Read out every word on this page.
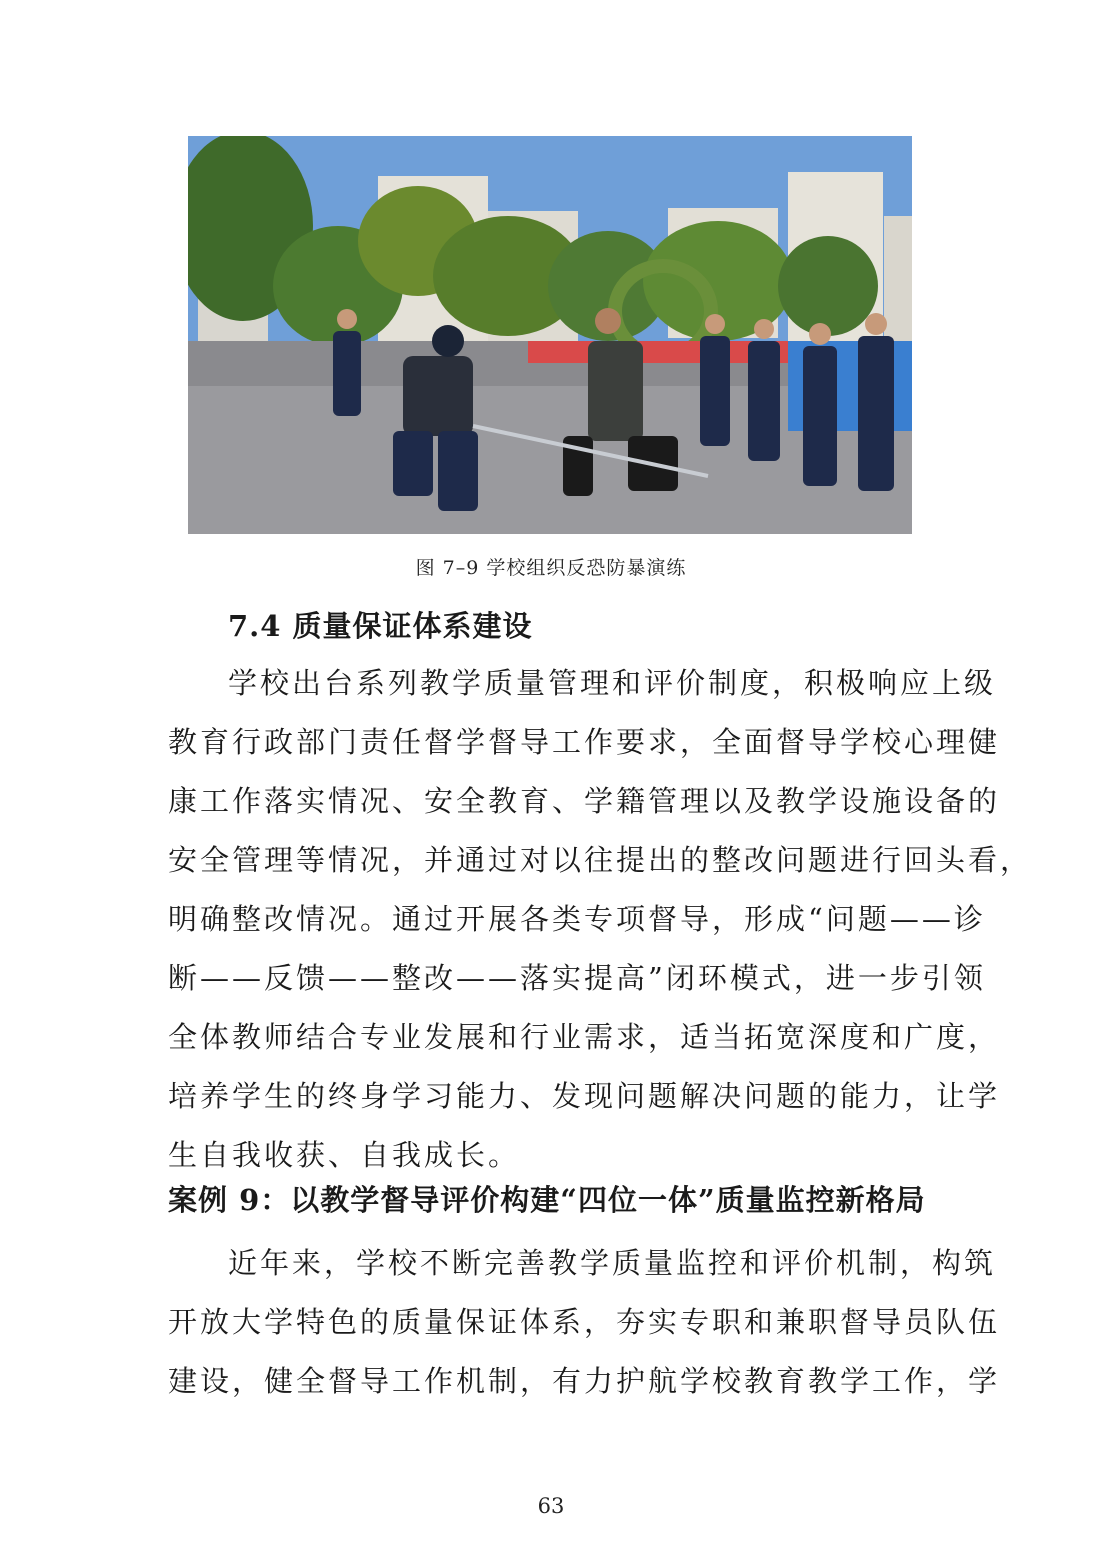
图 7–9 学校组织反恐防暴演练
7.4 质量保证体系建设
学校出台系列教学质量管理和评价制度，积极响应上级
教育行政部门责任督学督导工作要求，全面督导学校心理健
康工作落实情况、安全教育、学籍管理以及教学设施设备的
安全管理等情况，并通过对以往提出的整改问题进行回头看，
明确整改情况。通过开展各类专项督导，形成“问题——诊
断——反馈——整改——落实提高”闭环模式，进一步引领
全体教师结合专业发展和行业需求，适当拓宽深度和广度，
培养学生的终身学习能力、发现问题解决问题的能力，让学
生自我收获、自我成长。
案例 9：以教学督导评价构建“四位一体”质量监控新格局
近年来，学校不断完善教学质量监控和评价机制，构筑
开放大学特色的质量保证体系，夯实专职和兼职督导员队伍
建设，健全督导工作机制，有力护航学校教育教学工作，学
63
